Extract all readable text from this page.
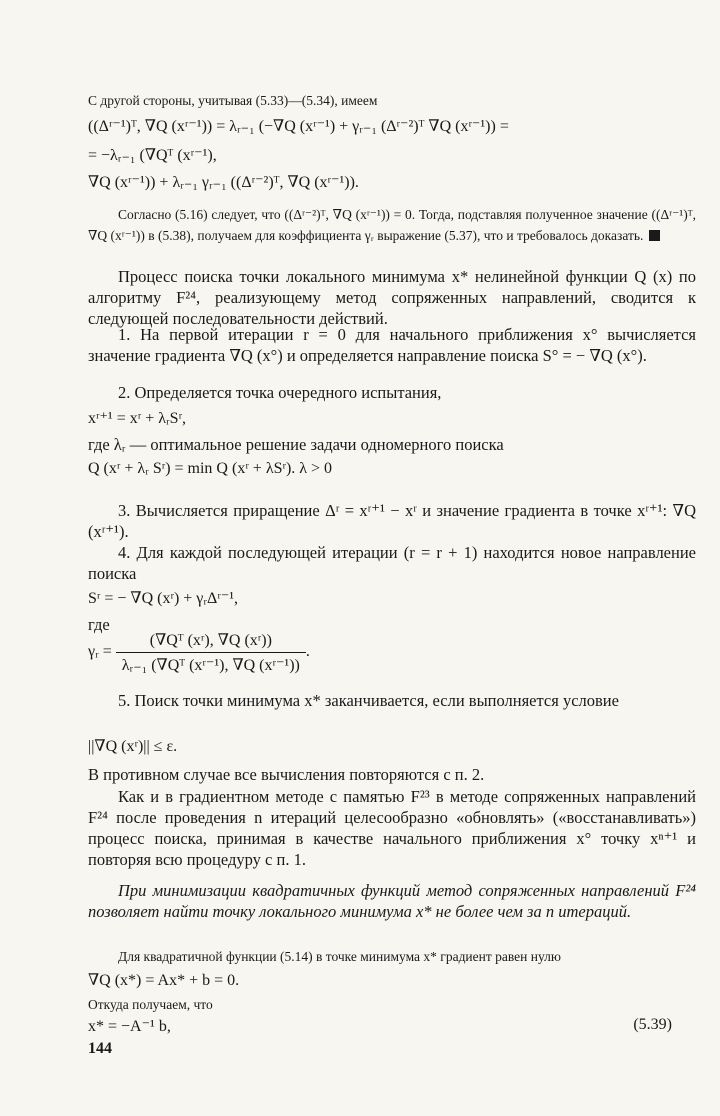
С другой стороны, учитывая (5.33)—(5.34), имеем
((Δʳ⁻¹)ᵀ, ∇Q (xʳ⁻¹)) = λᵣ₋₁ (−∇Q (xʳ⁻¹) + γᵣ₋₁ (Δʳ⁻²)ᵀ ∇Q (xʳ⁻¹)) =
= −λᵣ₋₁ (∇Qᵀ (xʳ⁻¹),
∇Q (xʳ⁻¹)) + λᵣ₋₁ γᵣ₋₁ ((Δʳ⁻²)ᵀ, ∇Q (xʳ⁻¹)).
Согласно (5.16) следует, что ((Δʳ⁻²)ᵀ, ∇Q (xʳ⁻¹)) = 0. Тогда, подставляя полученное значение ((Δʳ⁻¹)ᵀ, ∇Q (xʳ⁻¹)) в (5.38), получаем для коэффициента γᵣ выражение (5.37), что и требовалось доказать.
Процесс поиска точки локального минимума x* нелинейной функции Q (x) по алгоритму F²⁴, реализующему метод сопряженных направлений, сводится к следующей последовательности действий.
1. На первой итерации r = 0 для начального приближения x° вычисляется значение градиента ∇Q (x°) и определяется направление поиска S° = − ∇Q (x°).
2. Определяется точка очередного испытания,
xʳ⁺¹ = xʳ + λᵣSʳ,
где λᵣ — оптимальное решение задачи одномерного поиска
Q (xʳ + λᵣ Sʳ) = min Q (xʳ + λSʳ). λ > 0
3. Вычисляется приращение Δʳ = xʳ⁺¹ − xʳ и значение градиента в точке xʳ⁺¹: ∇Q (xʳ⁺¹).
4. Для каждой последующей итерации (r = r + 1) находится новое направление поиска
Sʳ = − ∇Q (xʳ) + γᵣΔʳ⁻¹,
где
γᵣ = $\frac{\text{(∇Qᵀ (xʳ), ∇Q (xʳ))}}{\text{λᵣ₋₁ (∇Qᵀ (xʳ⁻¹), ∇Q (xʳ⁻¹))}}$ .
5. Поиск точки минимума x* заканчивается, если выполняется условие
||∇Q (xʳ)|| ≤ ε.
В противном случае все вычисления повторяются с п. 2.
Как и в градиентном методе с памятью F²³ в методе сопряженных направлений F²⁴ после проведения n итераций целесообразно «обновлять» («восстанавливать») процесс поиска, принимая в качестве начального приближения x° точку xⁿ⁺¹ и повторяя всю процедуру с п. 1.
При минимизации квадратичных функций метод сопряженных направлений F²⁴ позволяет найти точку локального минимума x* не более чем за n итераций.
Для квадратичной функции (5.14) в точке минимума x* градиент равен нулю
∇Q (x*) = Ax* + b = 0.
Откуда получаем, что
x* = −A⁻¹ b,	(5.39)
144
